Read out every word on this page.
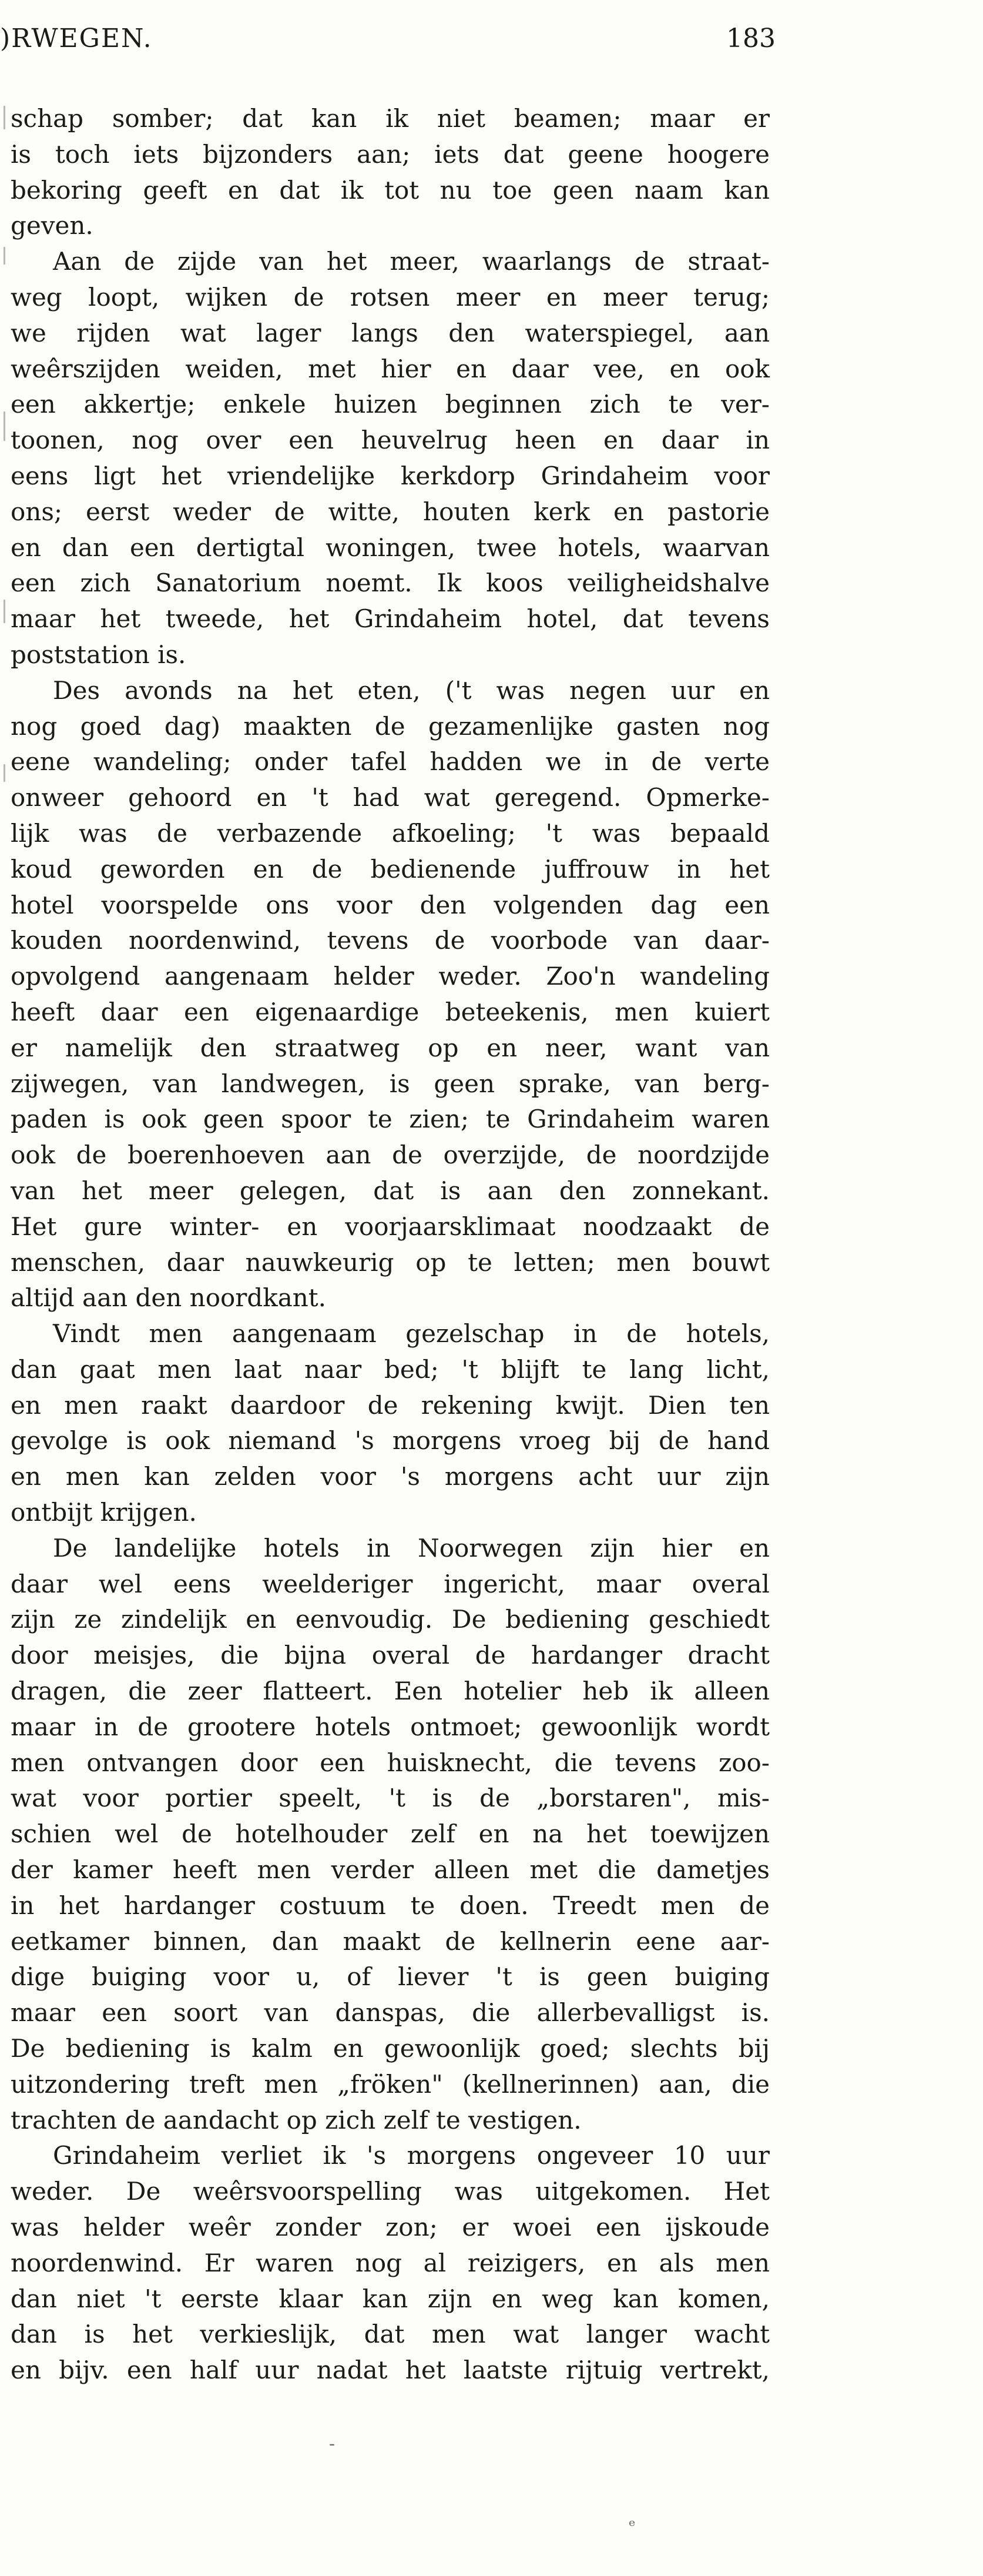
)RWEGEN.	183
schap somber; dat kan ik niet beamen; maar er
is toch iets bijzonders aan; iets dat geene hoogere
bekoring geeft en dat ik tot nu toe geen naam kan
geven.
Aan de zijde van het meer, waarlangs de straat-
weg loopt, wijken de rotsen meer en meer terug;
we rijden wat lager langs den waterspiegel, aan
weêrszijden weiden, met hier en daar vee, en ook
een akkertje; enkele huizen beginnen zich te ver-
toonen, nog over een heuvelrug heen en daar in
eens ligt het vriendelijke kerkdorp Grindaheim voor
ons; eerst weder de witte, houten kerk en pastorie
en dan een dertigtal woningen, twee hotels, waarvan
een zich Sanatorium noemt. Ik koos veiligheidshalve
maar het tweede, het Grindaheim hotel, dat tevens
poststation is.
Des avonds na het eten, ('t was negen uur en
nog goed dag) maakten de gezamenlijke gasten nog
eene wandeling; onder tafel hadden we in de verte
onweer gehoord en 't had wat geregend. Opmerke-
lijk was de verbazende afkoeling; 't was bepaald
koud geworden en de bedienende juffrouw in het
hotel voorspelde ons voor den volgenden dag een
kouden noordenwind, tevens de voorbode van daar-
opvolgend aangenaam helder weder. Zoo'n wandeling
heeft daar een eigenaardige beteekenis, men kuiert
er namelijk den straatweg op en neer, want van
zijwegen, van landwegen, is geen sprake, van berg-
paden is ook geen spoor te zien; te Grindaheim waren
ook de boerenhoeven aan de overzijde, de noordzijde
van het meer gelegen, dat is aan den zonnekant.
Het gure winter- en voorjaarsklimaat noodzaakt de
menschen, daar nauwkeurig op te letten; men bouwt
altijd aan den noordkant.
Vindt men aangenaam gezelschap in de hotels,
dan gaat men laat naar bed; 't blijft te lang licht,
en men raakt daardoor de rekening kwijt. Dien ten
gevolge is ook niemand 's morgens vroeg bij de hand
en men kan zelden voor 's morgens acht uur zijn
ontbijt krijgen.
De landelijke hotels in Noorwegen zijn hier en
daar wel eens weelderiger ingericht, maar overal
zijn ze zindelijk en eenvoudig. De bediening geschiedt
door meisjes, die bijna overal de hardanger dracht
dragen, die zeer flatteert. Een hotelier heb ik alleen
maar in de grootere hotels ontmoet; gewoonlijk wordt
men ontvangen door een huisknecht, die tevens zoo-
wat voor portier speelt, 't is de „borstaren", mis-
schien wel de hotelhouder zelf en na het toewijzen
der kamer heeft men verder alleen met die dametjes
in het hardanger costuum te doen. Treedt men de
eetkamer binnen, dan maakt de kellnerin eene aar-
dige buiging voor u, of liever 't is geen buiging
maar een soort van danspas, die allerbevalligst is.
De bediening is kalm en gewoonlijk goed; slechts bij
uitzondering treft men „fröken" (kellnerinnen) aan, die
trachten de aandacht op zich zelf te vestigen.
Grindaheim verliet ik 's morgens ongeveer 10 uur
weder. De weêrsvoorspelling was uitgekomen. Het
was helder weêr zonder zon; er woei een ijskoude
noordenwind. Er waren nog al reizigers, en als men
dan niet 't eerste klaar kan zijn en weg kan komen,
dan is het verkieslijk, dat men wat langer wacht
en bijv. een half uur nadat het laatste rijtuig vertrekt,
-
ᵉ
